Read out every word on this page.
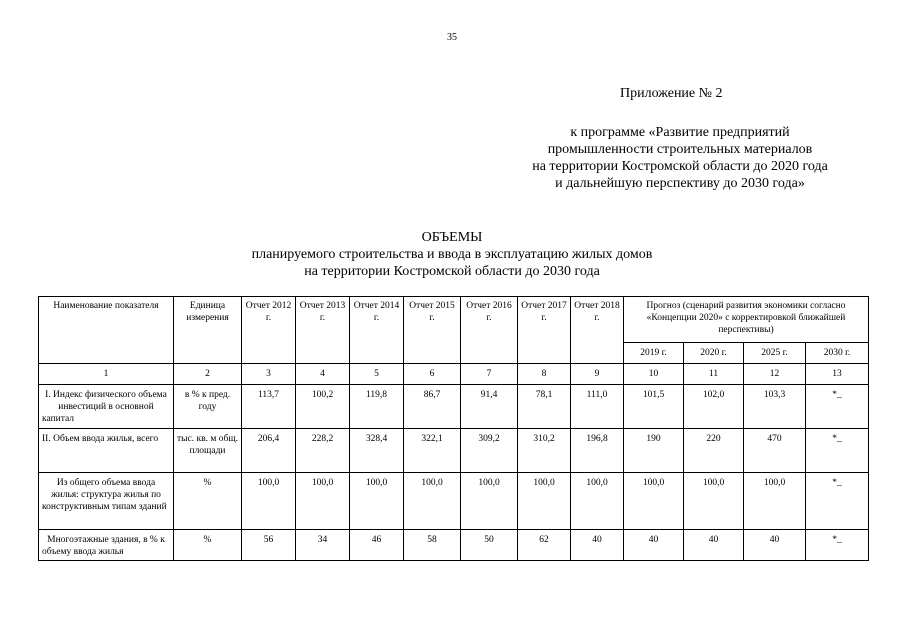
35
Приложение № 2
к программе «Развитие предприятий
промышленности строительных материалов
на территории Костромской области до 2020 года
и дальнейшую перспективу до 2030 года»
ОБЪЕМЫ
планируемого строительства и ввода в эксплуатацию жилых домов
на территории Костромской области до 2030 года
Наименование показателя	Единица измерения	Отчет 2012 г.	Отчет 2013 г.	Отчет 2014 г.	Отчет 2015 г.	Отчет 2016 г.	Отчет 2017 г.	Отчет 2018 г.	Прогноз (сценарий развития экономики согласно «Концепции 2020» с корректировкой ближайшей перспективы)			
									2019 г.	2020 г.	2025 г.	2030 г.
1	2	3	4	5	6	7	8	9	10	11	12	13
I. Индекс физического объема инвестиций в основной капитал	в % к пред. году	113,7	100,2	119,8	86,7	91,4	78,1	111,0	101,5	102,0	103,3	*_
II. Объем ввода жилья, всего	тыс. кв. м общ. площади	206,4	228,2	328,4	322,1	309,2	310,2	196,8	190	220	470	*_
Из общего объема ввода жилья: структура жилья по конструктивным типам зданий	%	100,0	100,0	100,0	100,0	100,0	100,0	100,0	100,0	100,0	100,0	*_
Многоэтажные здания, в % к объему ввода жилья	%	56	34	46	58	50	62	40	40	40	40	*_
